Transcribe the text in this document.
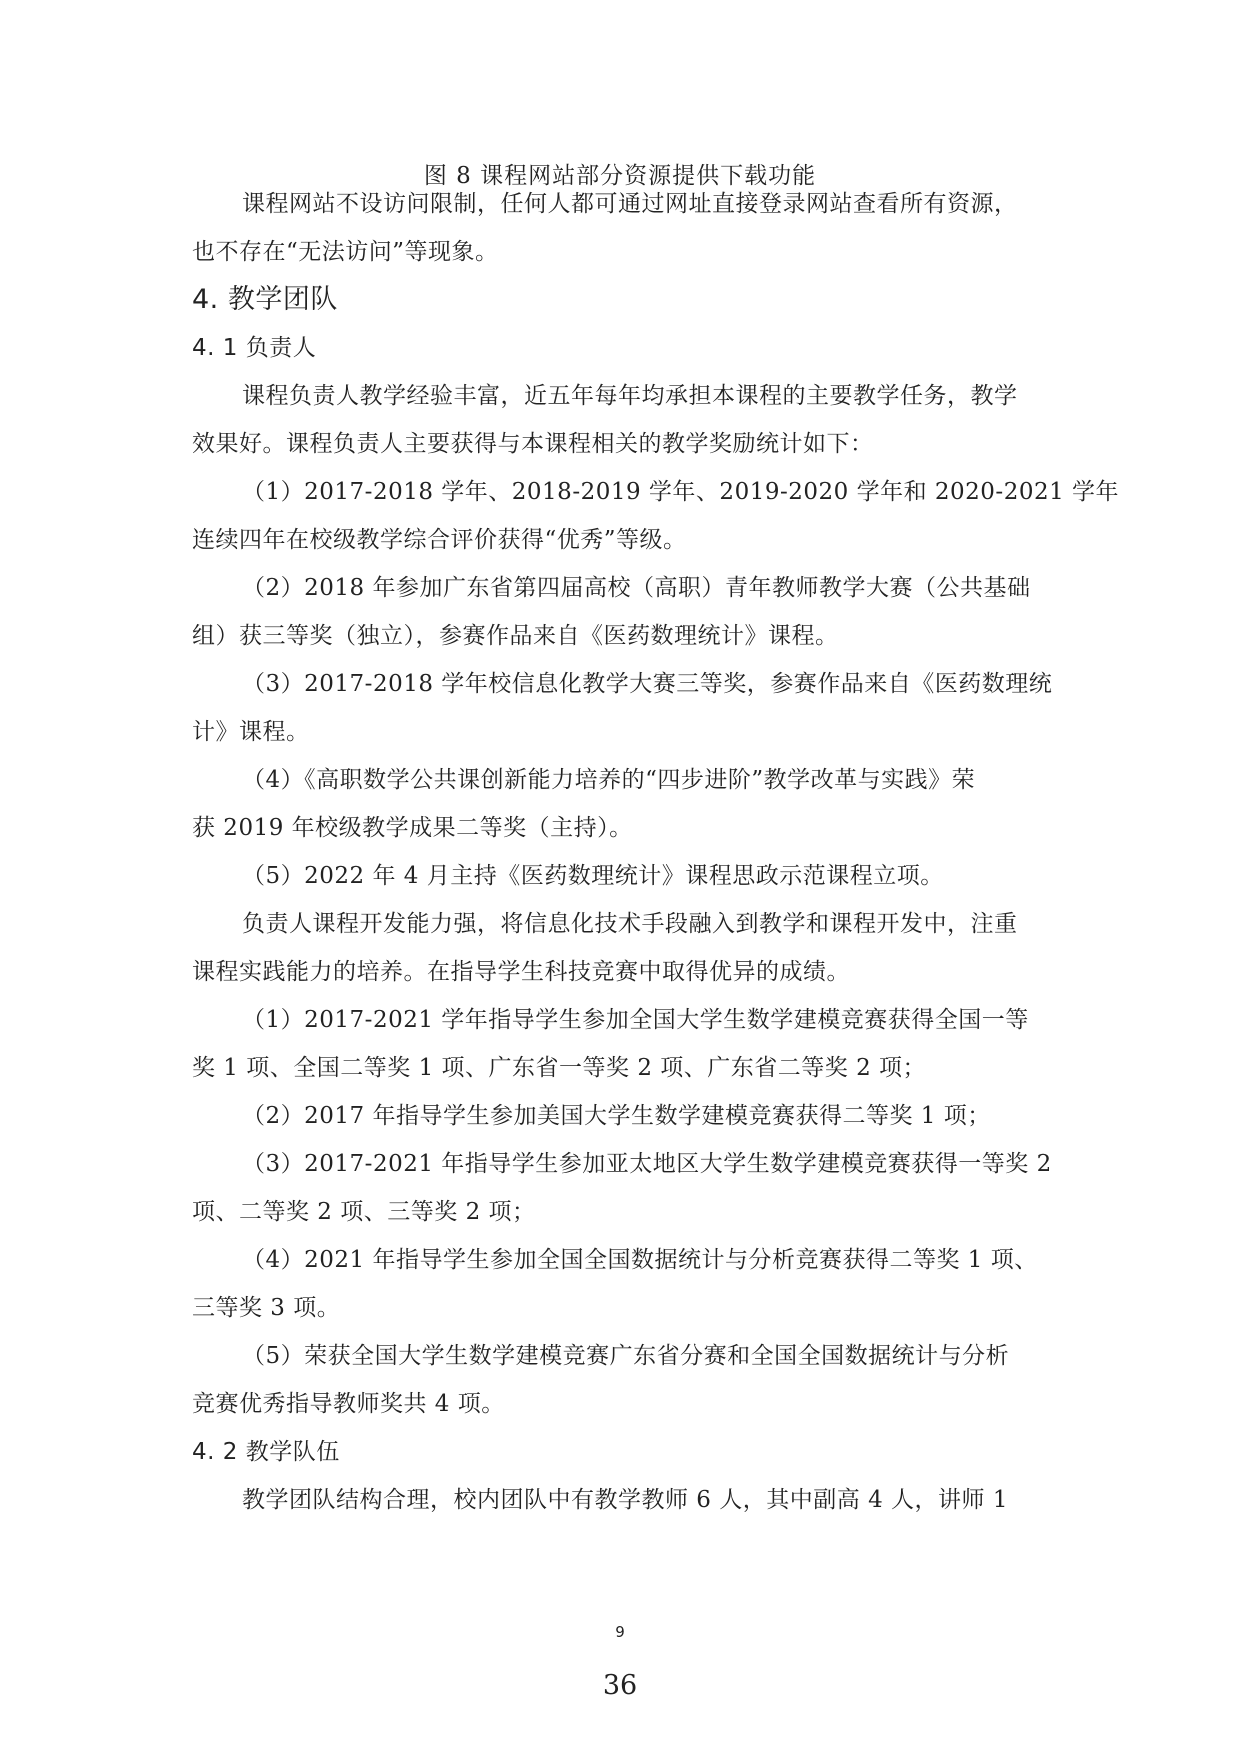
图 8 课程网站部分资源提供下载功能
课程网站不设访问限制，任何人都可通过网址直接登录网站查看所有资源，
也不存在“无法访问”等现象。
4. 教学团队
4. 1 负责人
课程负责人教学经验丰富，近五年每年均承担本课程的主要教学任务，教学
效果好。课程负责人主要获得与本课程相关的教学奖励统计如下：
（1）2017-2018 学年、2018-2019 学年、2019-2020 学年和 2020-2021 学年
连续四年在校级教学综合评价获得“优秀”等级。
（2）2018 年参加广东省第四届高校（高职）青年教师教学大赛（公共基础
组）获三等奖（独立），参赛作品来自《医药数理统计》课程。
（3）2017-2018 学年校信息化教学大赛三等奖，参赛作品来自《医药数理统
计》课程。
（4）《高职数学公共课创新能力培养的“四步进阶”教学改革与实践》荣
获 2019 年校级教学成果二等奖（主持）。
（5）2022 年 4 月主持《医药数理统计》课程思政示范课程立项。
负责人课程开发能力强，将信息化技术手段融入到教学和课程开发中，注重
课程实践能力的培养。在指导学生科技竞赛中取得优异的成绩。
（1）2017-2021 学年指导学生参加全国大学生数学建模竞赛获得全国一等
奖 1 项、全国二等奖 1 项、广东省一等奖 2 项、广东省二等奖 2 项；
（2）2017 年指导学生参加美国大学生数学建模竞赛获得二等奖 1 项；
（3）2017-2021 年指导学生参加亚太地区大学生数学建模竞赛获得一等奖 2
项、二等奖 2 项、三等奖 2 项；
（4）2021 年指导学生参加全国全国数据统计与分析竞赛获得二等奖 1 项、
三等奖 3 项。
（5）荣获全国大学生数学建模竞赛广东省分赛和全国全国数据统计与分析
竞赛优秀指导教师奖共 4 项。
4. 2 教学队伍
教学团队结构合理，校内团队中有教学教师 6 人，其中副高 4 人，讲师 1
9
36
